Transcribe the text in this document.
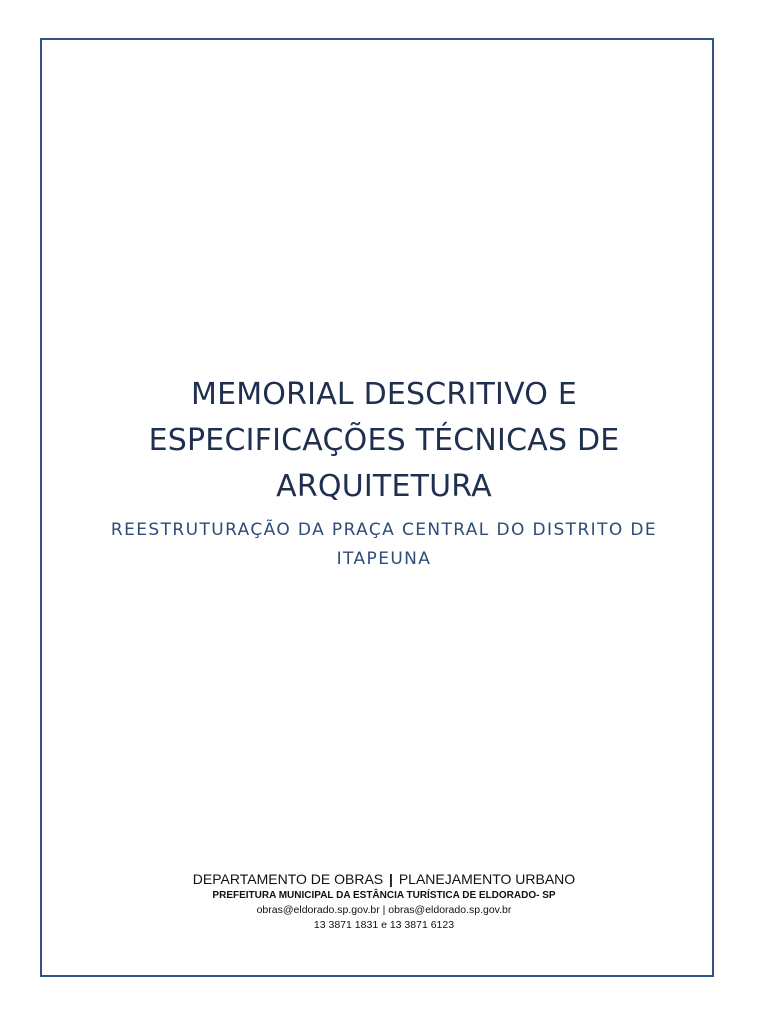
MEMORIAL DESCRITIVO E
ESPECIFICAÇÕES TÉCNICAS DE
ARQUITETURA

REESTRUTURAÇÃO DA PRAÇA CENTRAL DO DISTRITO DE
ITAPEUNA

DEPARTAMENTO DE OBRAS | PLANEJAMENTO URBANO
PREFEITURA MUNICIPAL DA ESTÂNCIA TURÍSTICA DE ELDORADO- SP
obras@eldorado.sp.gov.br | obras@eldorado.sp.gov.br
13 3871 1831 e 13 3871 6123
